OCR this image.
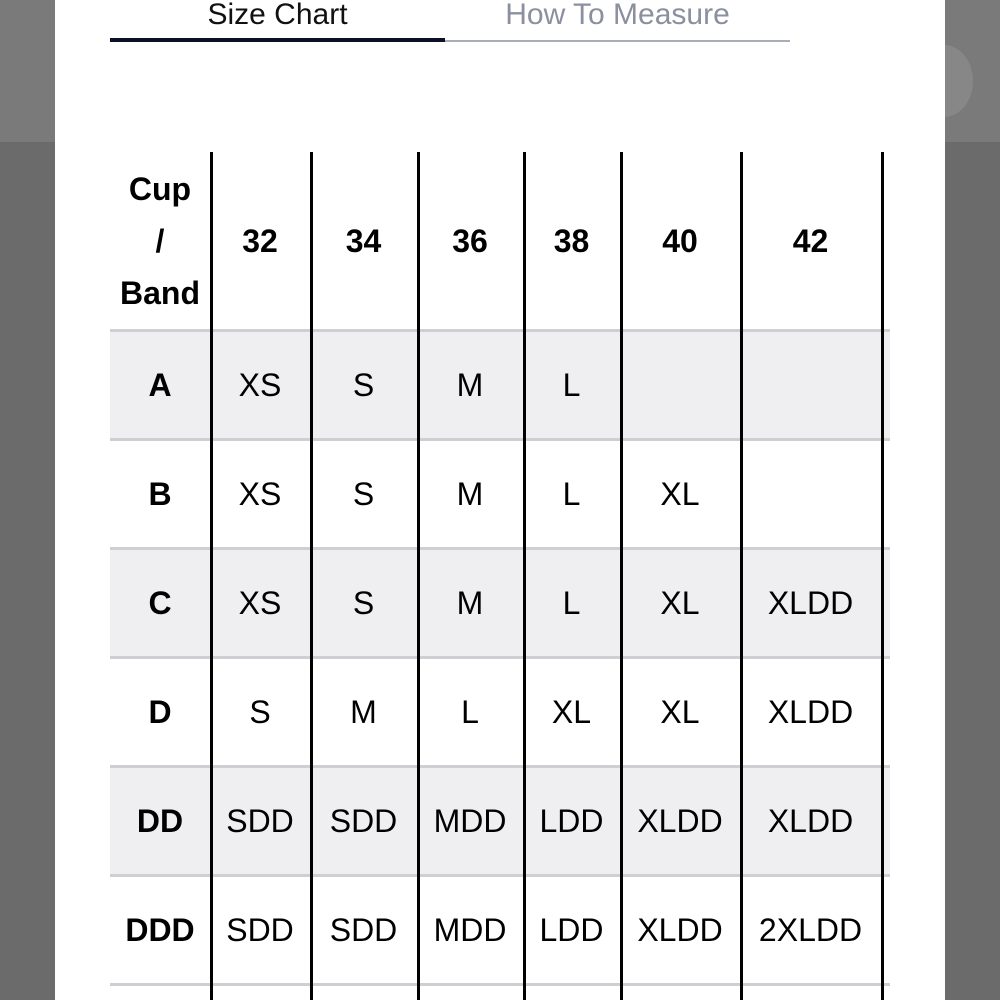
Size Chart	How To Measure
Cup
/
Band
32	34	36	38	40	42
A	XS	S	M	L
B	XS	S	M	L	XL
C	XS	S	M	L	XL	XLDD
D	S	M	L	XL	XL	XLDD
DD	SDD	SDD	MDD	LDD	XLDD	XLDD
DDD SDD	SDD	MDD	LDD	XLDD	2XLDD
